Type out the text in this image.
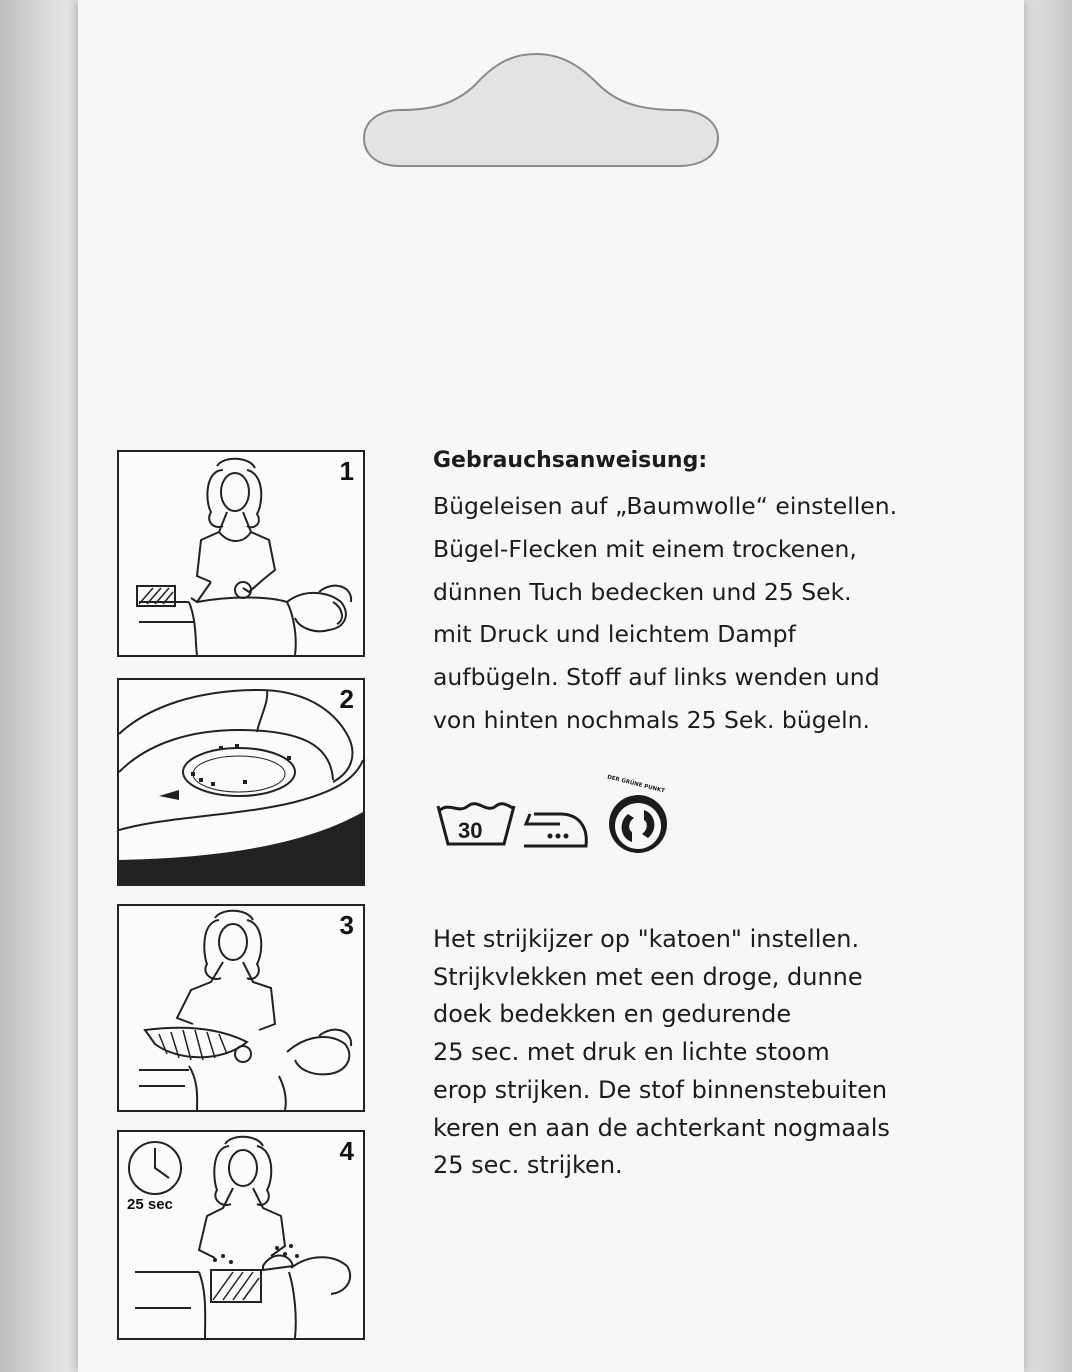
1
2
3
25 sec
4
Gebrauchsanweisung:
Bügeleisen auf „Baumwolle“ einstellen.
Bügel-Flecken mit einem trockenen,
dünnen Tuch bedecken und 25 Sek.
mit Druck und leichtem Dampf
aufbügeln. Stoff auf links wenden und
von hinten nochmals 25 Sek. bügeln.
30
DER GRÜNE PUNKT
Het strijkijzer op "katoen" instellen.
Strijkvlekken met een droge, dunne
doek bedekken en gedurende
25 sec. met druk en lichte stoom
erop strijken. De stof binnenstebuiten
keren en aan de achterkant nogmaals
25 sec. strijken.
